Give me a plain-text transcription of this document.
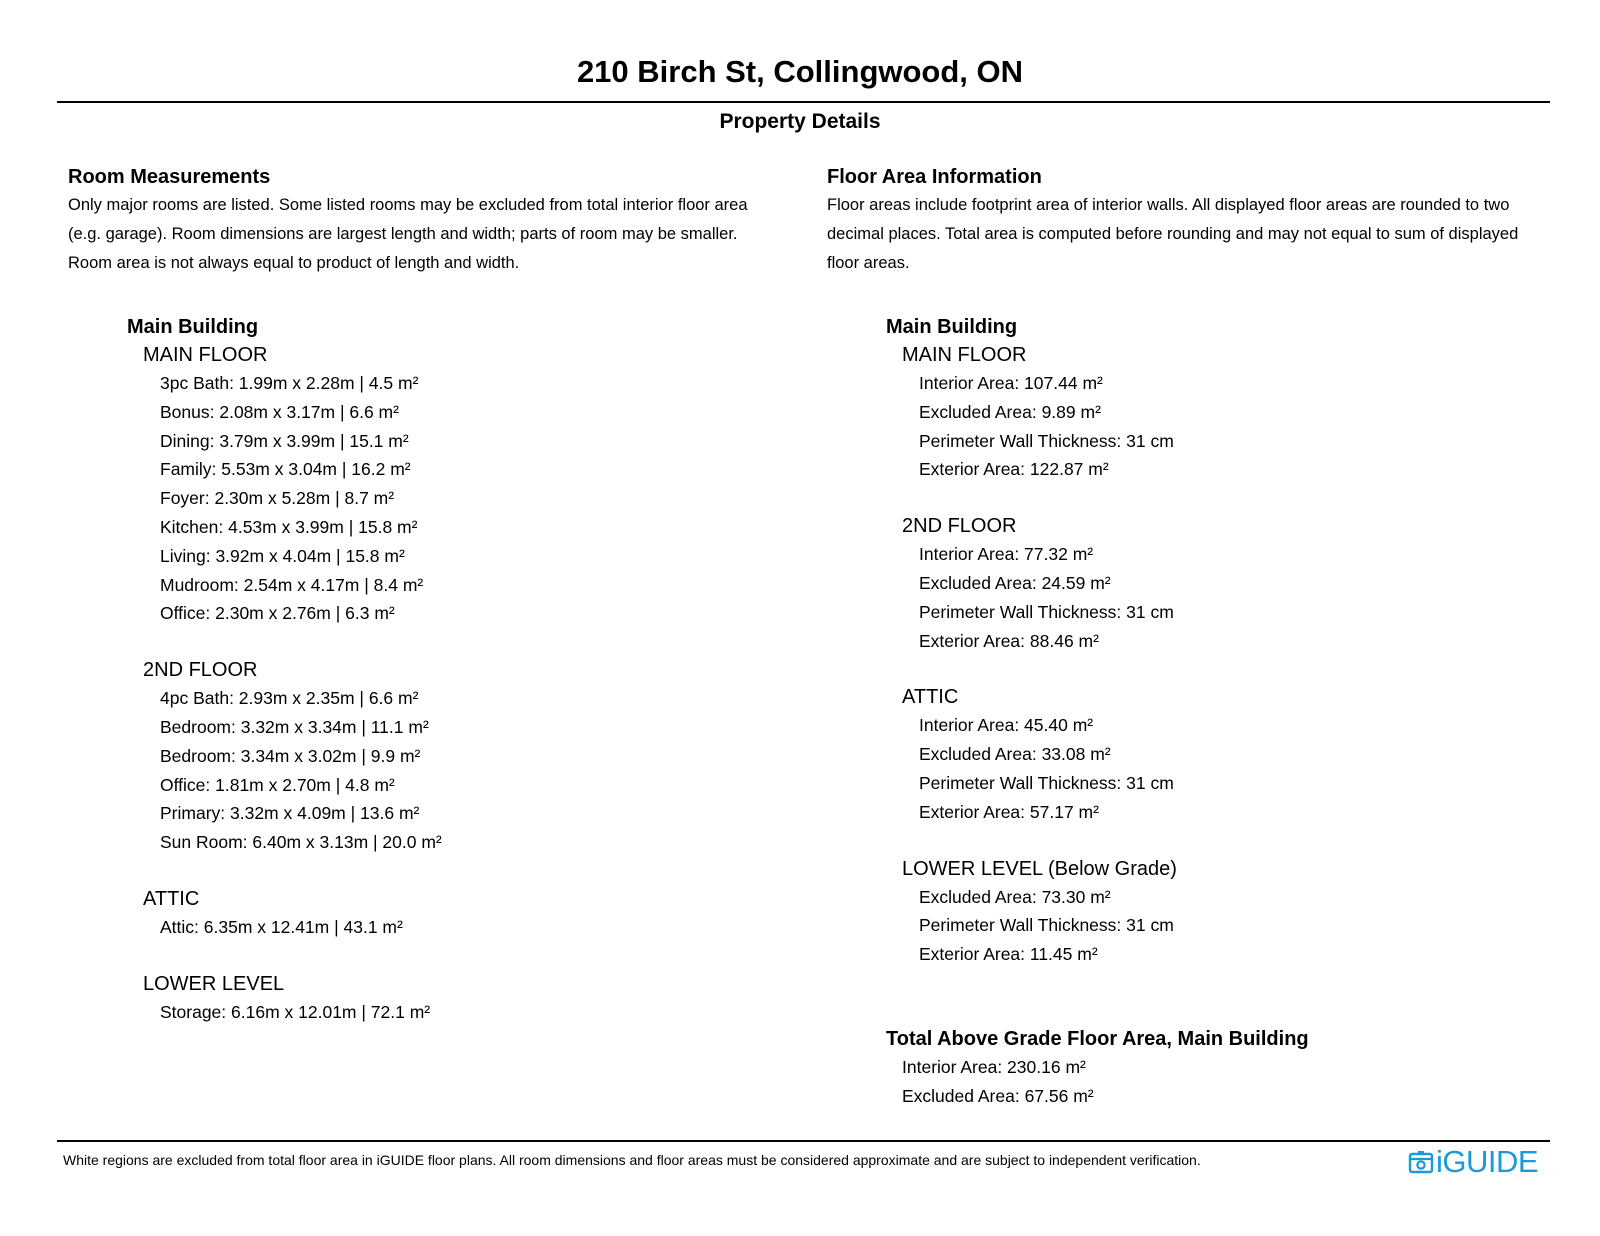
210 Birch St, Collingwood, ON
Property Details
Room Measurements
Only major rooms are listed. Some listed rooms may be excluded from total interior floor area
(e.g. garage). Room dimensions are largest length and width; parts of room may be smaller.
Room area is not always equal to product of length and width.
Main Building
MAIN FLOOR
3pc Bath: 1.99m x 2.28m | 4.5 m²
Bonus: 2.08m x 3.17m | 6.6 m²
Dining: 3.79m x 3.99m | 15.1 m²
Family: 5.53m x 3.04m | 16.2 m²
Foyer: 2.30m x 5.28m | 8.7 m²
Kitchen: 4.53m x 3.99m | 15.8 m²
Living: 3.92m x 4.04m | 15.8 m²
Mudroom: 2.54m x 4.17m | 8.4 m²
Office: 2.30m x 2.76m | 6.3 m²
2ND FLOOR
4pc Bath: 2.93m x 2.35m | 6.6 m²
Bedroom: 3.32m x 3.34m | 11.1 m²
Bedroom: 3.34m x 3.02m | 9.9 m²
Office: 1.81m x 2.70m | 4.8 m²
Primary: 3.32m x 4.09m | 13.6 m²
Sun Room: 6.40m x 3.13m | 20.0 m²
ATTIC
Attic: 6.35m x 12.41m | 43.1 m²
LOWER LEVEL
Storage: 6.16m x 12.01m | 72.1 m²
Floor Area Information
Floor areas include footprint area of interior walls. All displayed floor areas are rounded to two
decimal places. Total area is computed before rounding and may not equal to sum of displayed
floor areas.
Main Building
MAIN FLOOR
Interior Area: 107.44 m²
Excluded Area: 9.89 m²
Perimeter Wall Thickness: 31 cm
Exterior Area: 122.87 m²
2ND FLOOR
Interior Area: 77.32 m²
Excluded Area: 24.59 m²
Perimeter Wall Thickness: 31 cm
Exterior Area: 88.46 m²
ATTIC
Interior Area: 45.40 m²
Excluded Area: 33.08 m²
Perimeter Wall Thickness: 31 cm
Exterior Area: 57.17 m²
LOWER LEVEL (Below Grade)
Excluded Area: 73.30 m²
Perimeter Wall Thickness: 31 cm
Exterior Area: 11.45 m²
Total Above Grade Floor Area, Main Building
Interior Area: 230.16 m²
Excluded Area: 67.56 m²
White regions are excluded from total floor area in iGUIDE floor plans. All room dimensions and floor areas must be considered approximate and are subject to independent verification.	iGUIDE
